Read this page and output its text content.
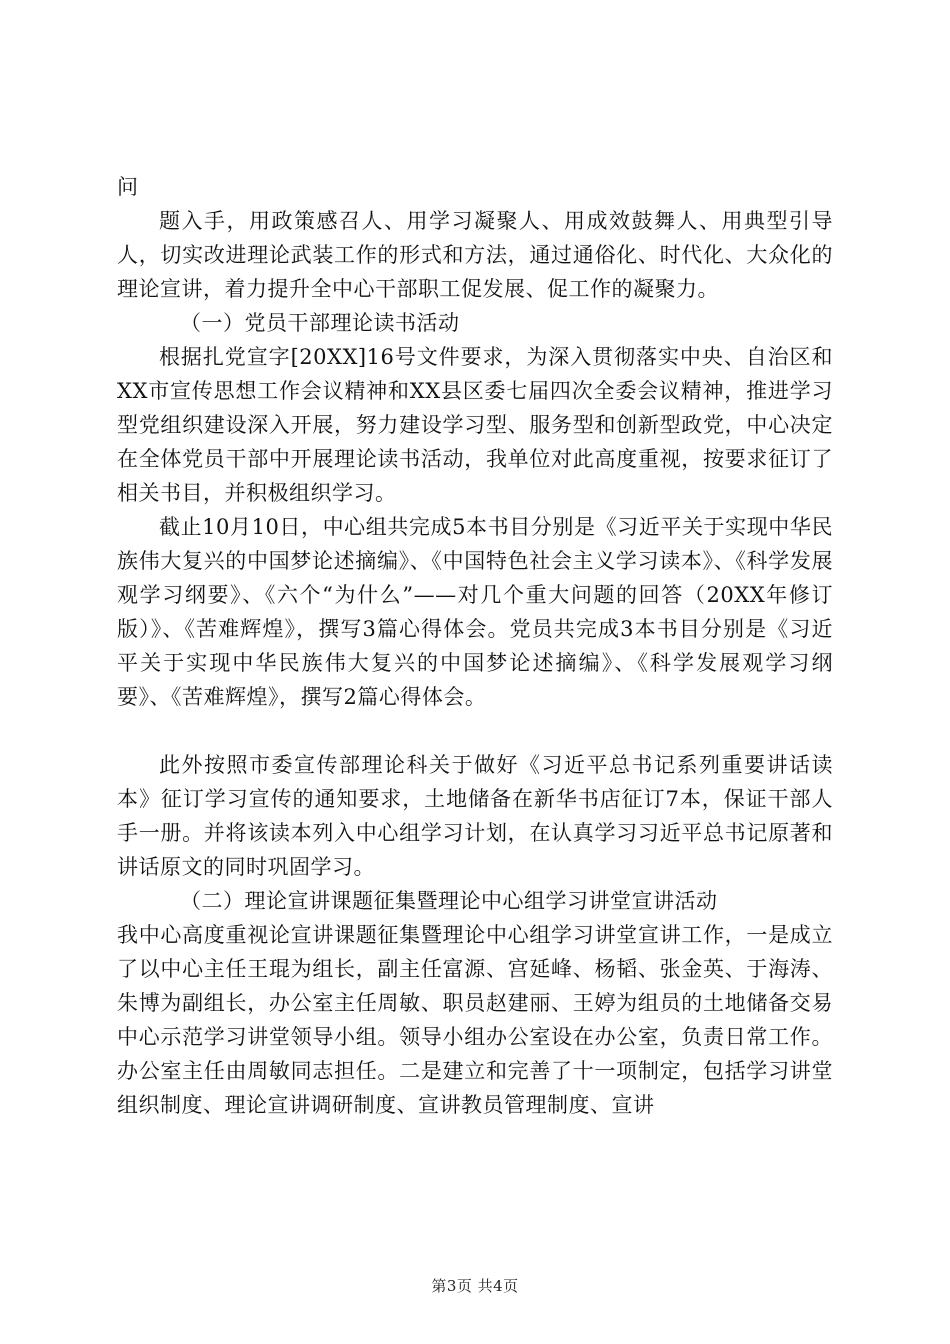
问

题入手，用政策感召人、用学习凝聚人、用成效鼓舞人、用典型引导人，切实改进理论武装工作的形式和方法，通过通俗化、时代化、大众化的理论宣讲，着力提升全中心干部职工促发展、促工作的凝聚力。

（一）党员干部理论读书活动

根据扎党宣字[20XX]16号文件要求，为深入贯彻落实中央、自治区和XX市宣传思想工作会议精神和XX县区委七届四次全委会议精神，推进学习型党组织建设深入开展，努力建设学习型、服务型和创新型政党，中心决定在全体党员干部中开展理论读书活动，我单位对此高度重视，按要求征订了相关书目，并积极组织学习。

截止10月10日，中心组共完成5本书目分别是《习近平关于实现中华民族伟大复兴的中国梦论述摘编》、《中国特色社会主义学习读本》、《科学发展观学习纲要》、《六个“为什么”——对几个重大问题的回答（20XX年修订版）》、《苦难辉煌》，撰写3篇心得体会。党员共完成3本书目分别是《习近平关于实现中华民族伟大复兴的中国梦论述摘编》、《科学发展观学习纲要》、《苦难辉煌》，撰写2篇心得体会。

此外按照市委宣传部理论科关于做好《习近平总书记系列重要讲话读本》征订学习宣传的通知要求，土地储备在新华书店征订7本，保证干部人手一册。并将该读本列入中心组学习计划，在认真学习习近平总书记原著和讲话原文的同时巩固学习。

（二）理论宣讲课题征集暨理论中心组学习讲堂宣讲活动

我中心高度重视论宣讲课题征集暨理论中心组学习讲堂宣讲工作，一是成立了以中心主任王琨为组长，副主任富源、宫延峰、杨韬、张金英、于海涛、朱博为副组长，办公室主任周敏、职员赵建丽、王婷为组员的土地储备交易中心示范学习讲堂领导小组。领导小组办公室设在办公室，负责日常工作。办公室主任由周敏同志担任。二是建立和完善了十一项制定，包括学习讲堂组织制度、理论宣讲调研制度、宣讲教员管理制度、宣讲

第3页 共4页
